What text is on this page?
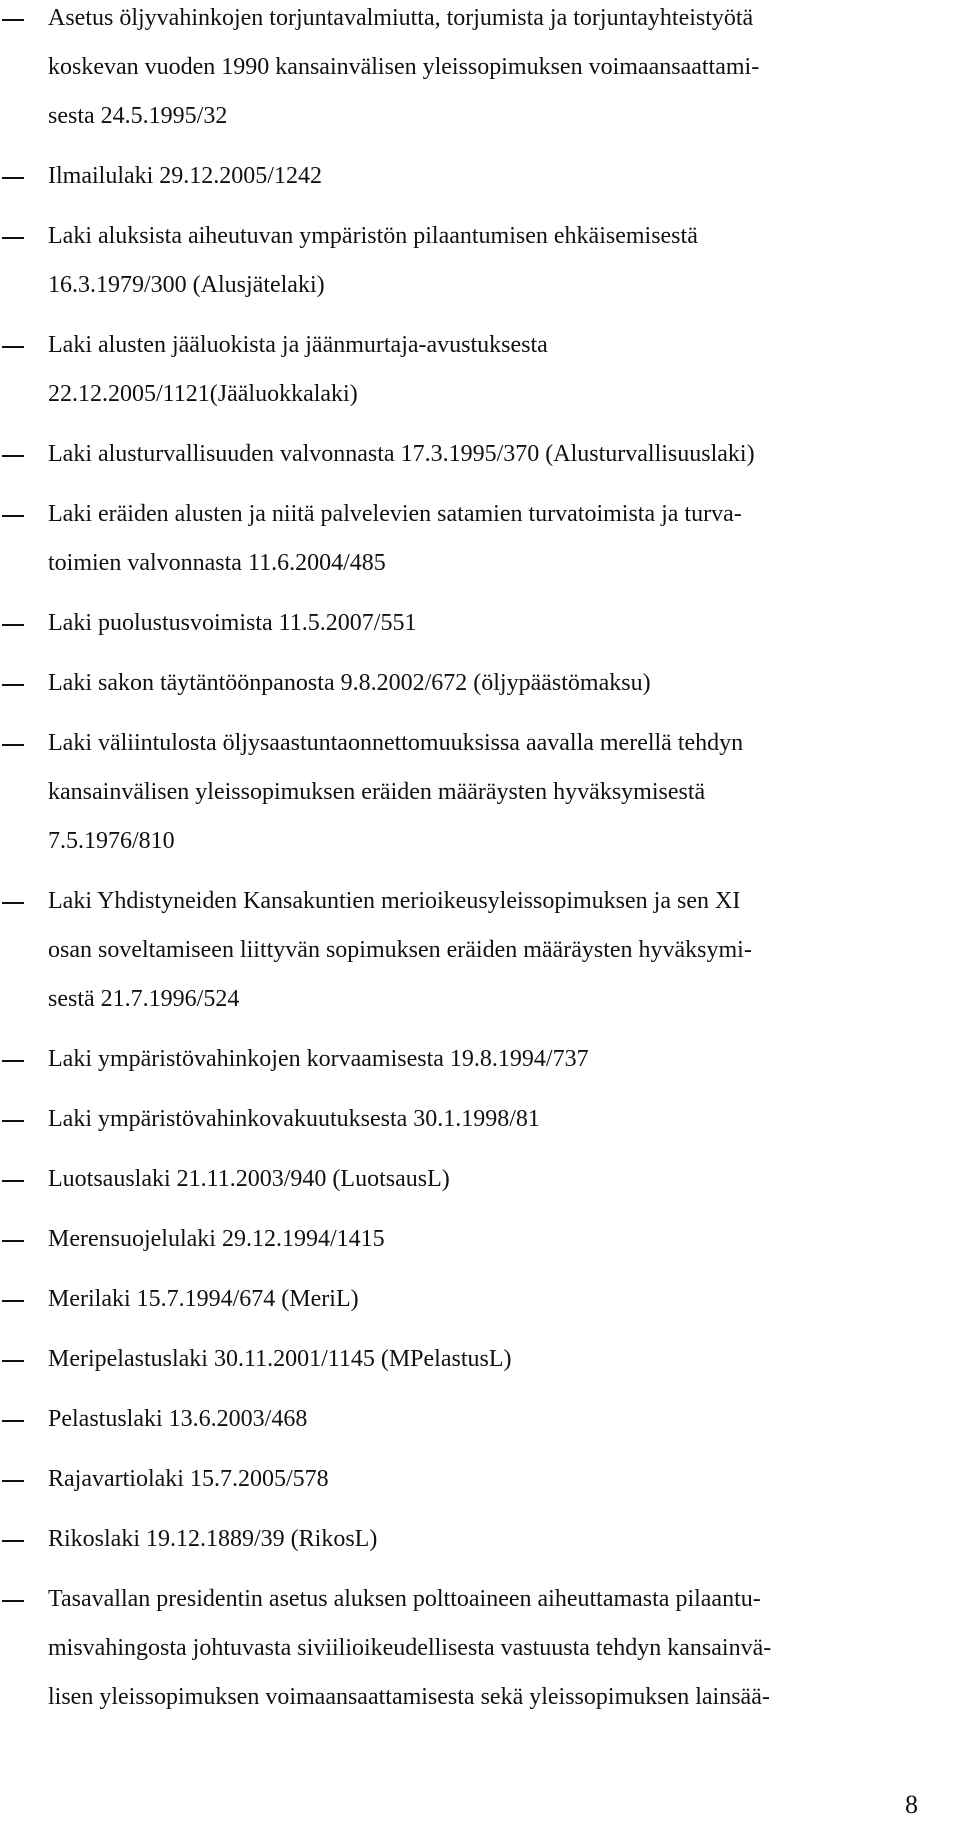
Asetus öljyvahinkojen torjuntavalmiutta, torjumista ja torjuntayhteistyötä
koskevan vuoden 1990 kansainvälisen yleissopimuksen voimaansaattami-
sesta 24.5.1995/32
Ilmailulaki 29.12.2005/1242
Laki aluksista aiheutuvan ympäristön pilaantumisen ehkäisemisestä
16.3.1979/300 (Alusjätelaki)
Laki alusten jääluokista ja jäänmurtaja-avustuksesta
22.12.2005/1121(Jääluokkalaki)
Laki alusturvallisuuden valvonnasta 17.3.1995/370 (Alusturvallisuuslaki)
Laki eräiden alusten ja niitä palvelevien satamien turvatoimista ja turva-
toimien valvonnasta 11.6.2004/485
Laki puolustusvoimista 11.5.2007/551
Laki sakon täytäntöönpanosta 9.8.2002/672 (öljypäästömaksu)
Laki väliintulosta öljysaastuntaonnettomuuksissa aavalla merellä tehdyn
kansainvälisen yleissopimuksen eräiden määräysten hyväksymisestä
7.5.1976/810
Laki Yhdistyneiden Kansakuntien merioikeusyleissopimuksen ja sen XI
osan soveltamiseen liittyvän sopimuksen eräiden määräysten hyväksymi-
sestä 21.7.1996/524
Laki ympäristövahinkojen korvaamisesta 19.8.1994/737
Laki ympäristövahinkovakuutuksesta 30.1.1998/81
Luotsauslaki 21.11.2003/940 (LuotsausL)
Merensuojelulaki 29.12.1994/1415
Merilaki 15.7.1994/674 (MeriL)
Meripelastuslaki 30.11.2001/1145 (MPelastusL)
Pelastuslaki 13.6.2003/468
Rajavartiolaki 15.7.2005/578
Rikoslaki 19.12.1889/39 (RikosL)
Tasavallan presidentin asetus aluksen polttoaineen aiheuttamasta pilaantu-
misvahingosta johtuvasta siviilioikeudellisesta vastuusta tehdyn kansainvä-
lisen yleissopimuksen voimaansaattamisesta sekä yleissopimuksen lainsää-
8
